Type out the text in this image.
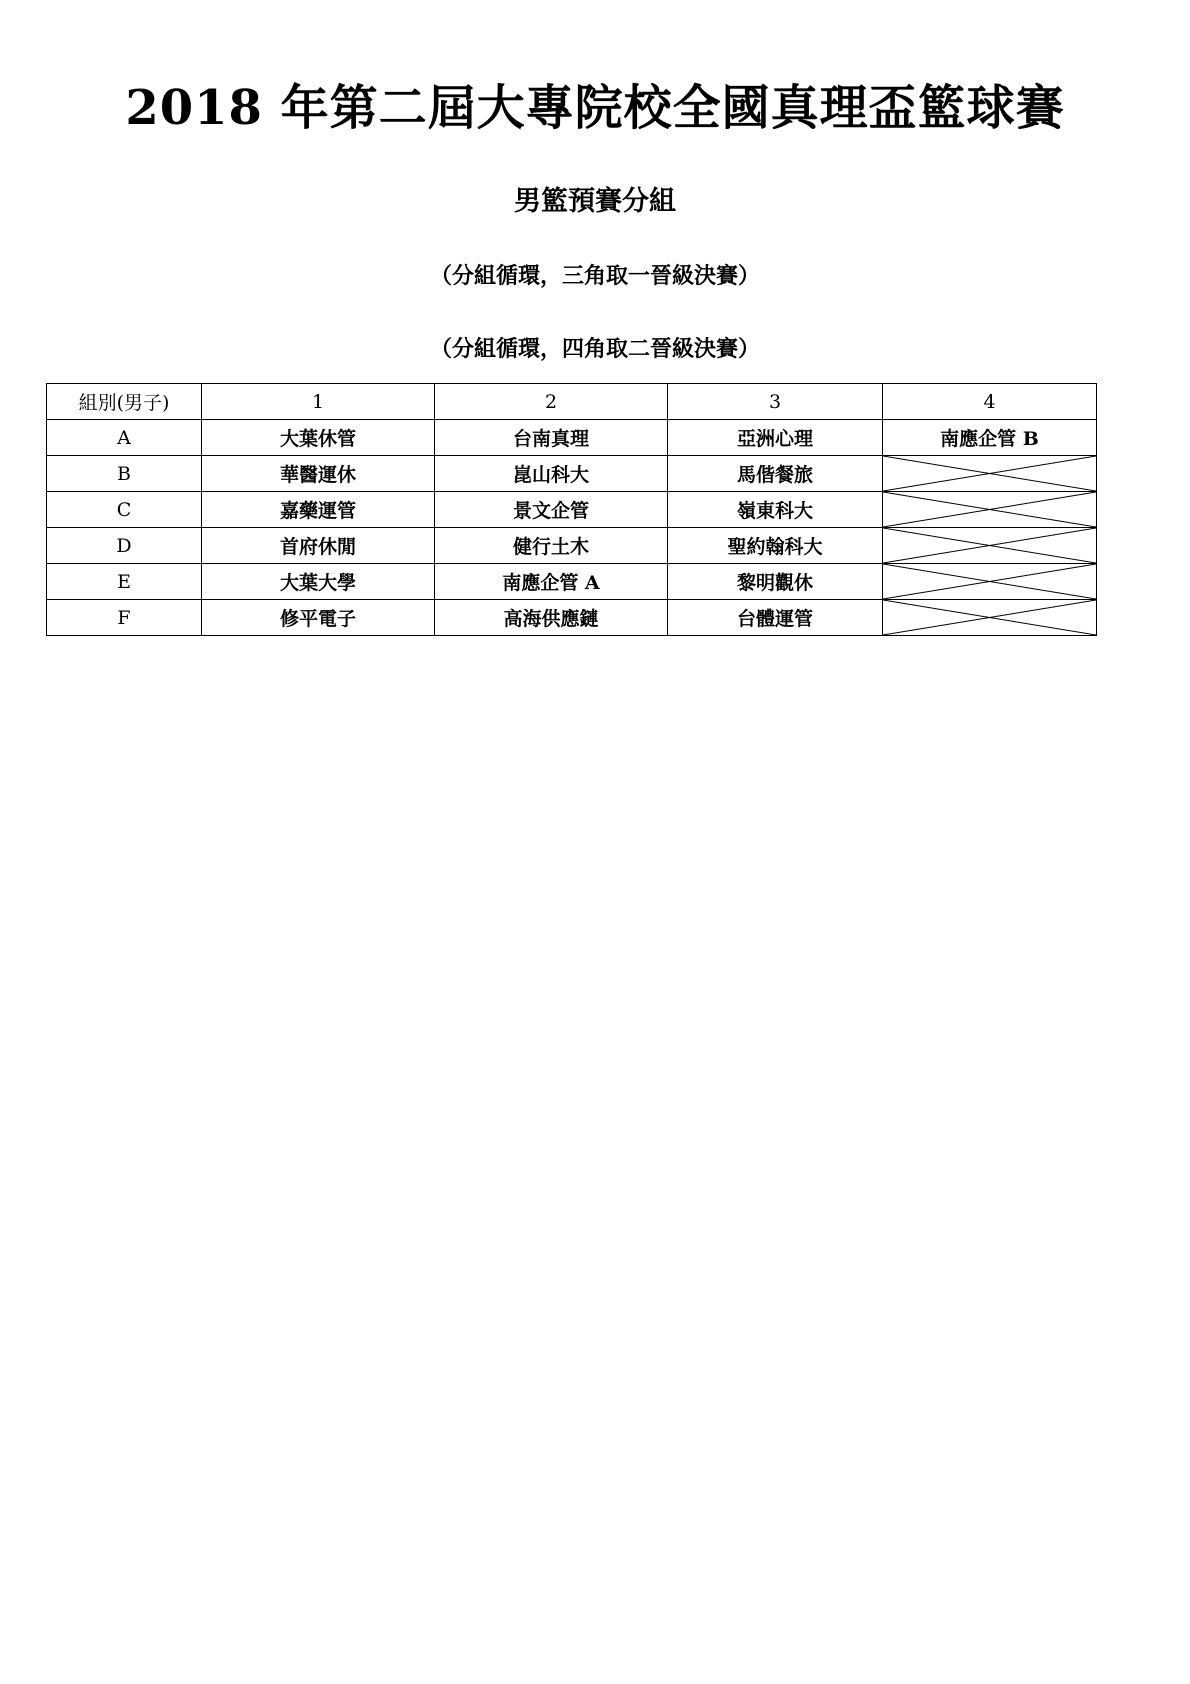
2018 年第二屆大專院校全國真理盃籃球賽
男籃預賽分組
（分組循環，三角取一晉級決賽）
（分組循環，四角取二晉級決賽）
組別(男子)	1	2	3	4
A	大葉休管	台南真理	亞洲心理	南應企管 B
B	華醫運休	崑山科大	馬偕餐旅	

C	嘉藥運管	景文企管	嶺東科大	

D	首府休閒	健行土木	聖約翰科大	

E	大葉大學	南應企管 A	黎明觀休	

F	修平電子	高海供應鏈	台體運管	
